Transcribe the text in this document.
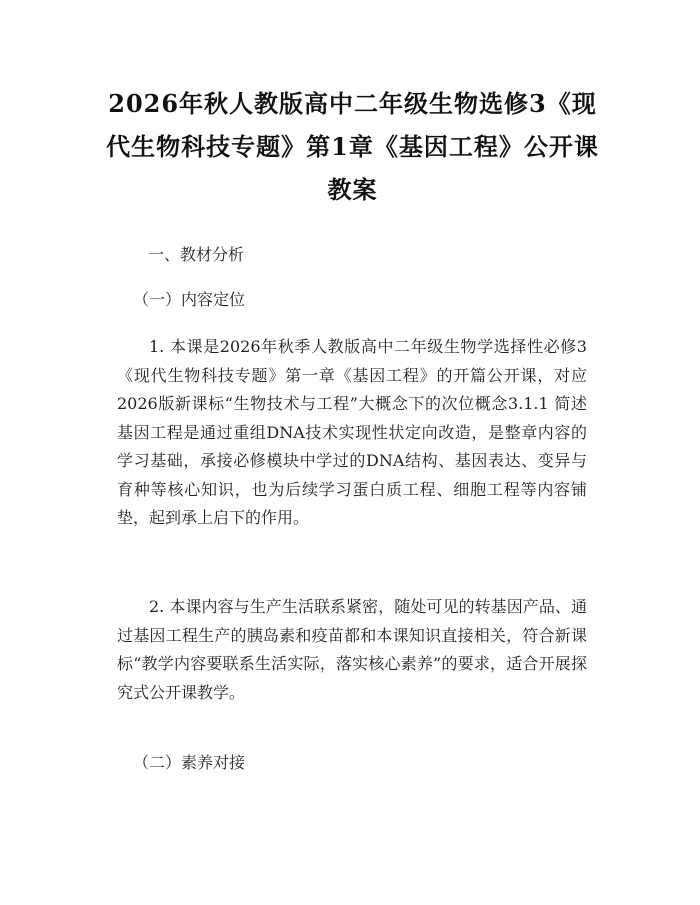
2026年秋人教版高中二年级生物选修3《现代生物科技专题》第1章《基因工程》公开课教案

一、教材分析

（一）内容定位

1. 本课是2026年秋季人教版高中二年级生物学选择性必修3《现代生物科技专题》第一章《基因工程》的开篇公开课，对应2026版新课标“生物技术与工程”大概念下的次位概念3.1.1 简述基因工程是通过重组DNA技术实现性状定向改造，是整章内容的学习基础，承接必修模块中学过的DNA结构、基因表达、变异与育种等核心知识，也为后续学习蛋白质工程、细胞工程等内容铺垫，起到承上启下的作用。

2. 本课内容与生产生活联系紧密，随处可见的转基因产品、通过基因工程生产的胰岛素和疫苗都和本课知识直接相关，符合新课标“教学内容要联系生活实际，落实核心素养”的要求，适合开展探究式公开课教学。

（二）素养对接
